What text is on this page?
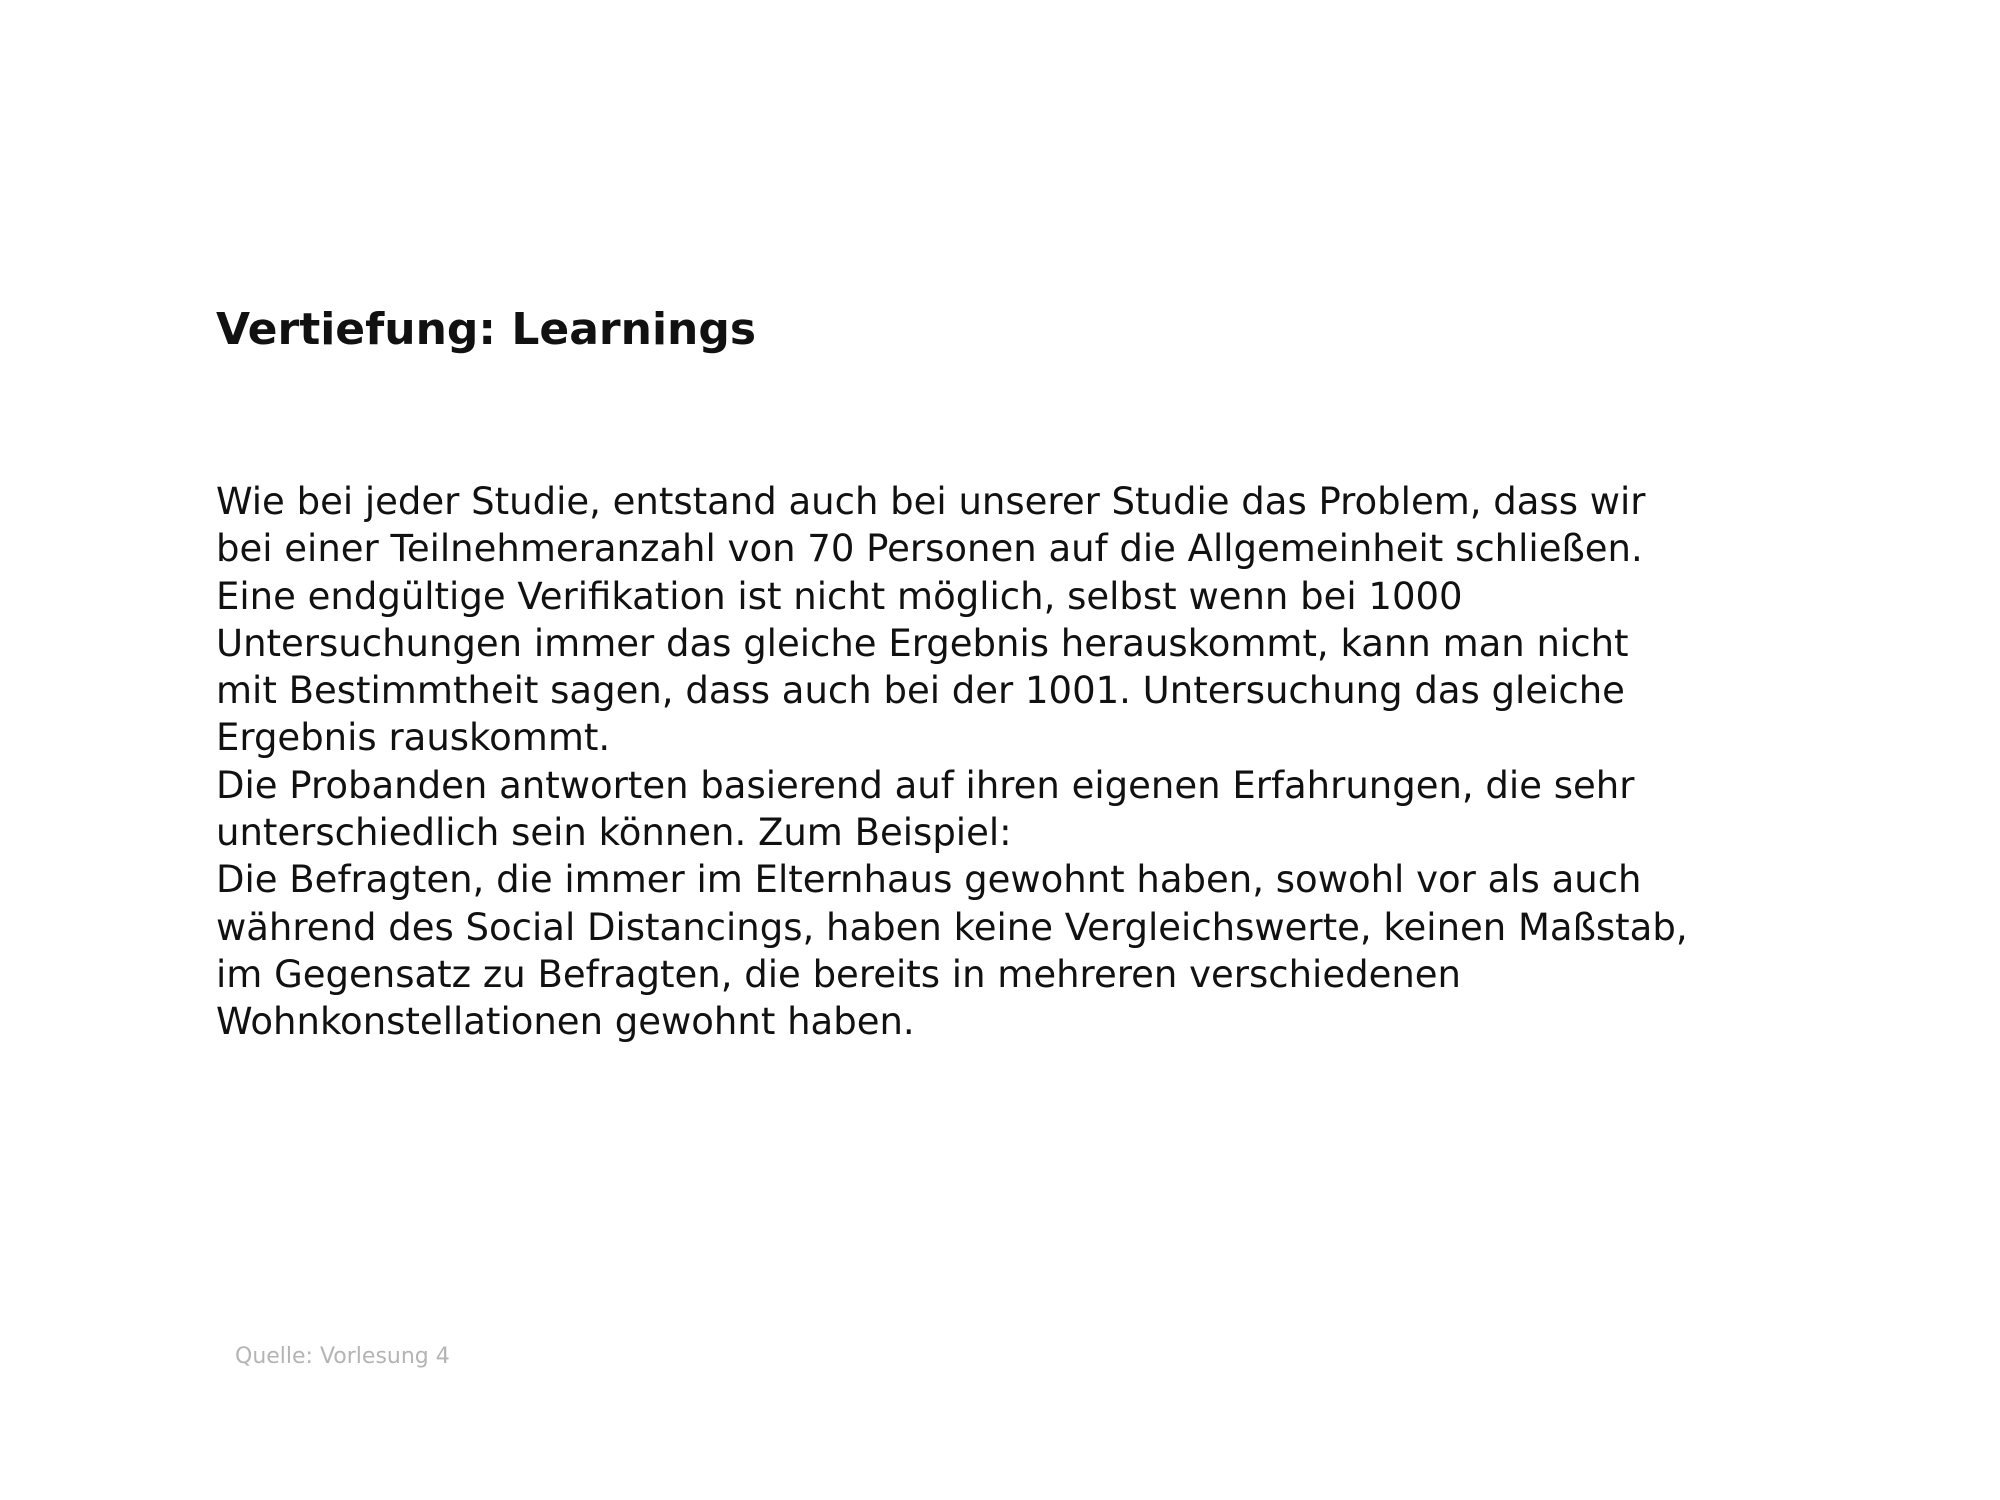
Vertiefung: Learnings
Wie bei jeder Studie, entstand auch bei unserer Studie das Problem, dass wir
bei einer Teilnehmeranzahl von 70 Personen auf die Allgemeinheit schließen.
Eine endgültige Verifikation ist nicht möglich, selbst wenn bei 1000
Untersuchungen immer das gleiche Ergebnis herauskommt, kann man nicht
mit Bestimmtheit sagen, dass auch bei der 1001. Untersuchung das gleiche
Ergebnis rauskommt.
Die Probanden antworten basierend auf ihren eigenen Erfahrungen, die sehr
unterschiedlich sein können. Zum Beispiel:
Die Befragten, die immer im Elternhaus gewohnt haben, sowohl vor als auch
während des Social Distancings, haben keine Vergleichswerte, keinen Maßstab,
im Gegensatz zu Befragten, die bereits in mehreren verschiedenen
Wohnkonstellationen gewohnt haben.

Quelle: Vorlesung 4
